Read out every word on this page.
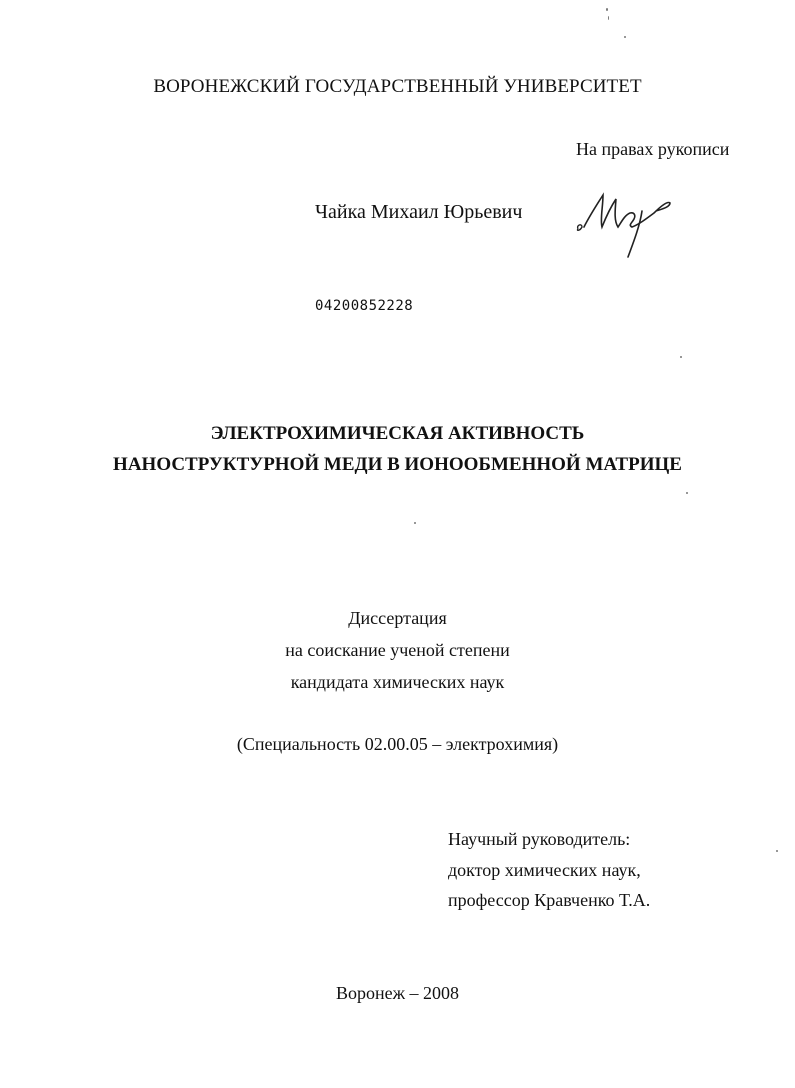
ВОРОНЕЖСКИЙ ГОСУДАРСТВЕННЫЙ УНИВЕРСИТЕТ
На правах рукописи
Чайка Михаил Юрьевич
04200852228
ЭЛЕКТРОХИМИЧЕСКАЯ АКТИВНОСТЬ
НАНОСТРУКТУРНОЙ МЕДИ В ИОНООБМЕННОЙ МАТРИЦЕ
Диссертация
на соискание ученой степени
кандидата химических наук
(Специальность 02.00.05 – электрохимия)
Научный руководитель:
доктор химических наук,
профессор Кравченко Т.А.
Воронеж – 2008
